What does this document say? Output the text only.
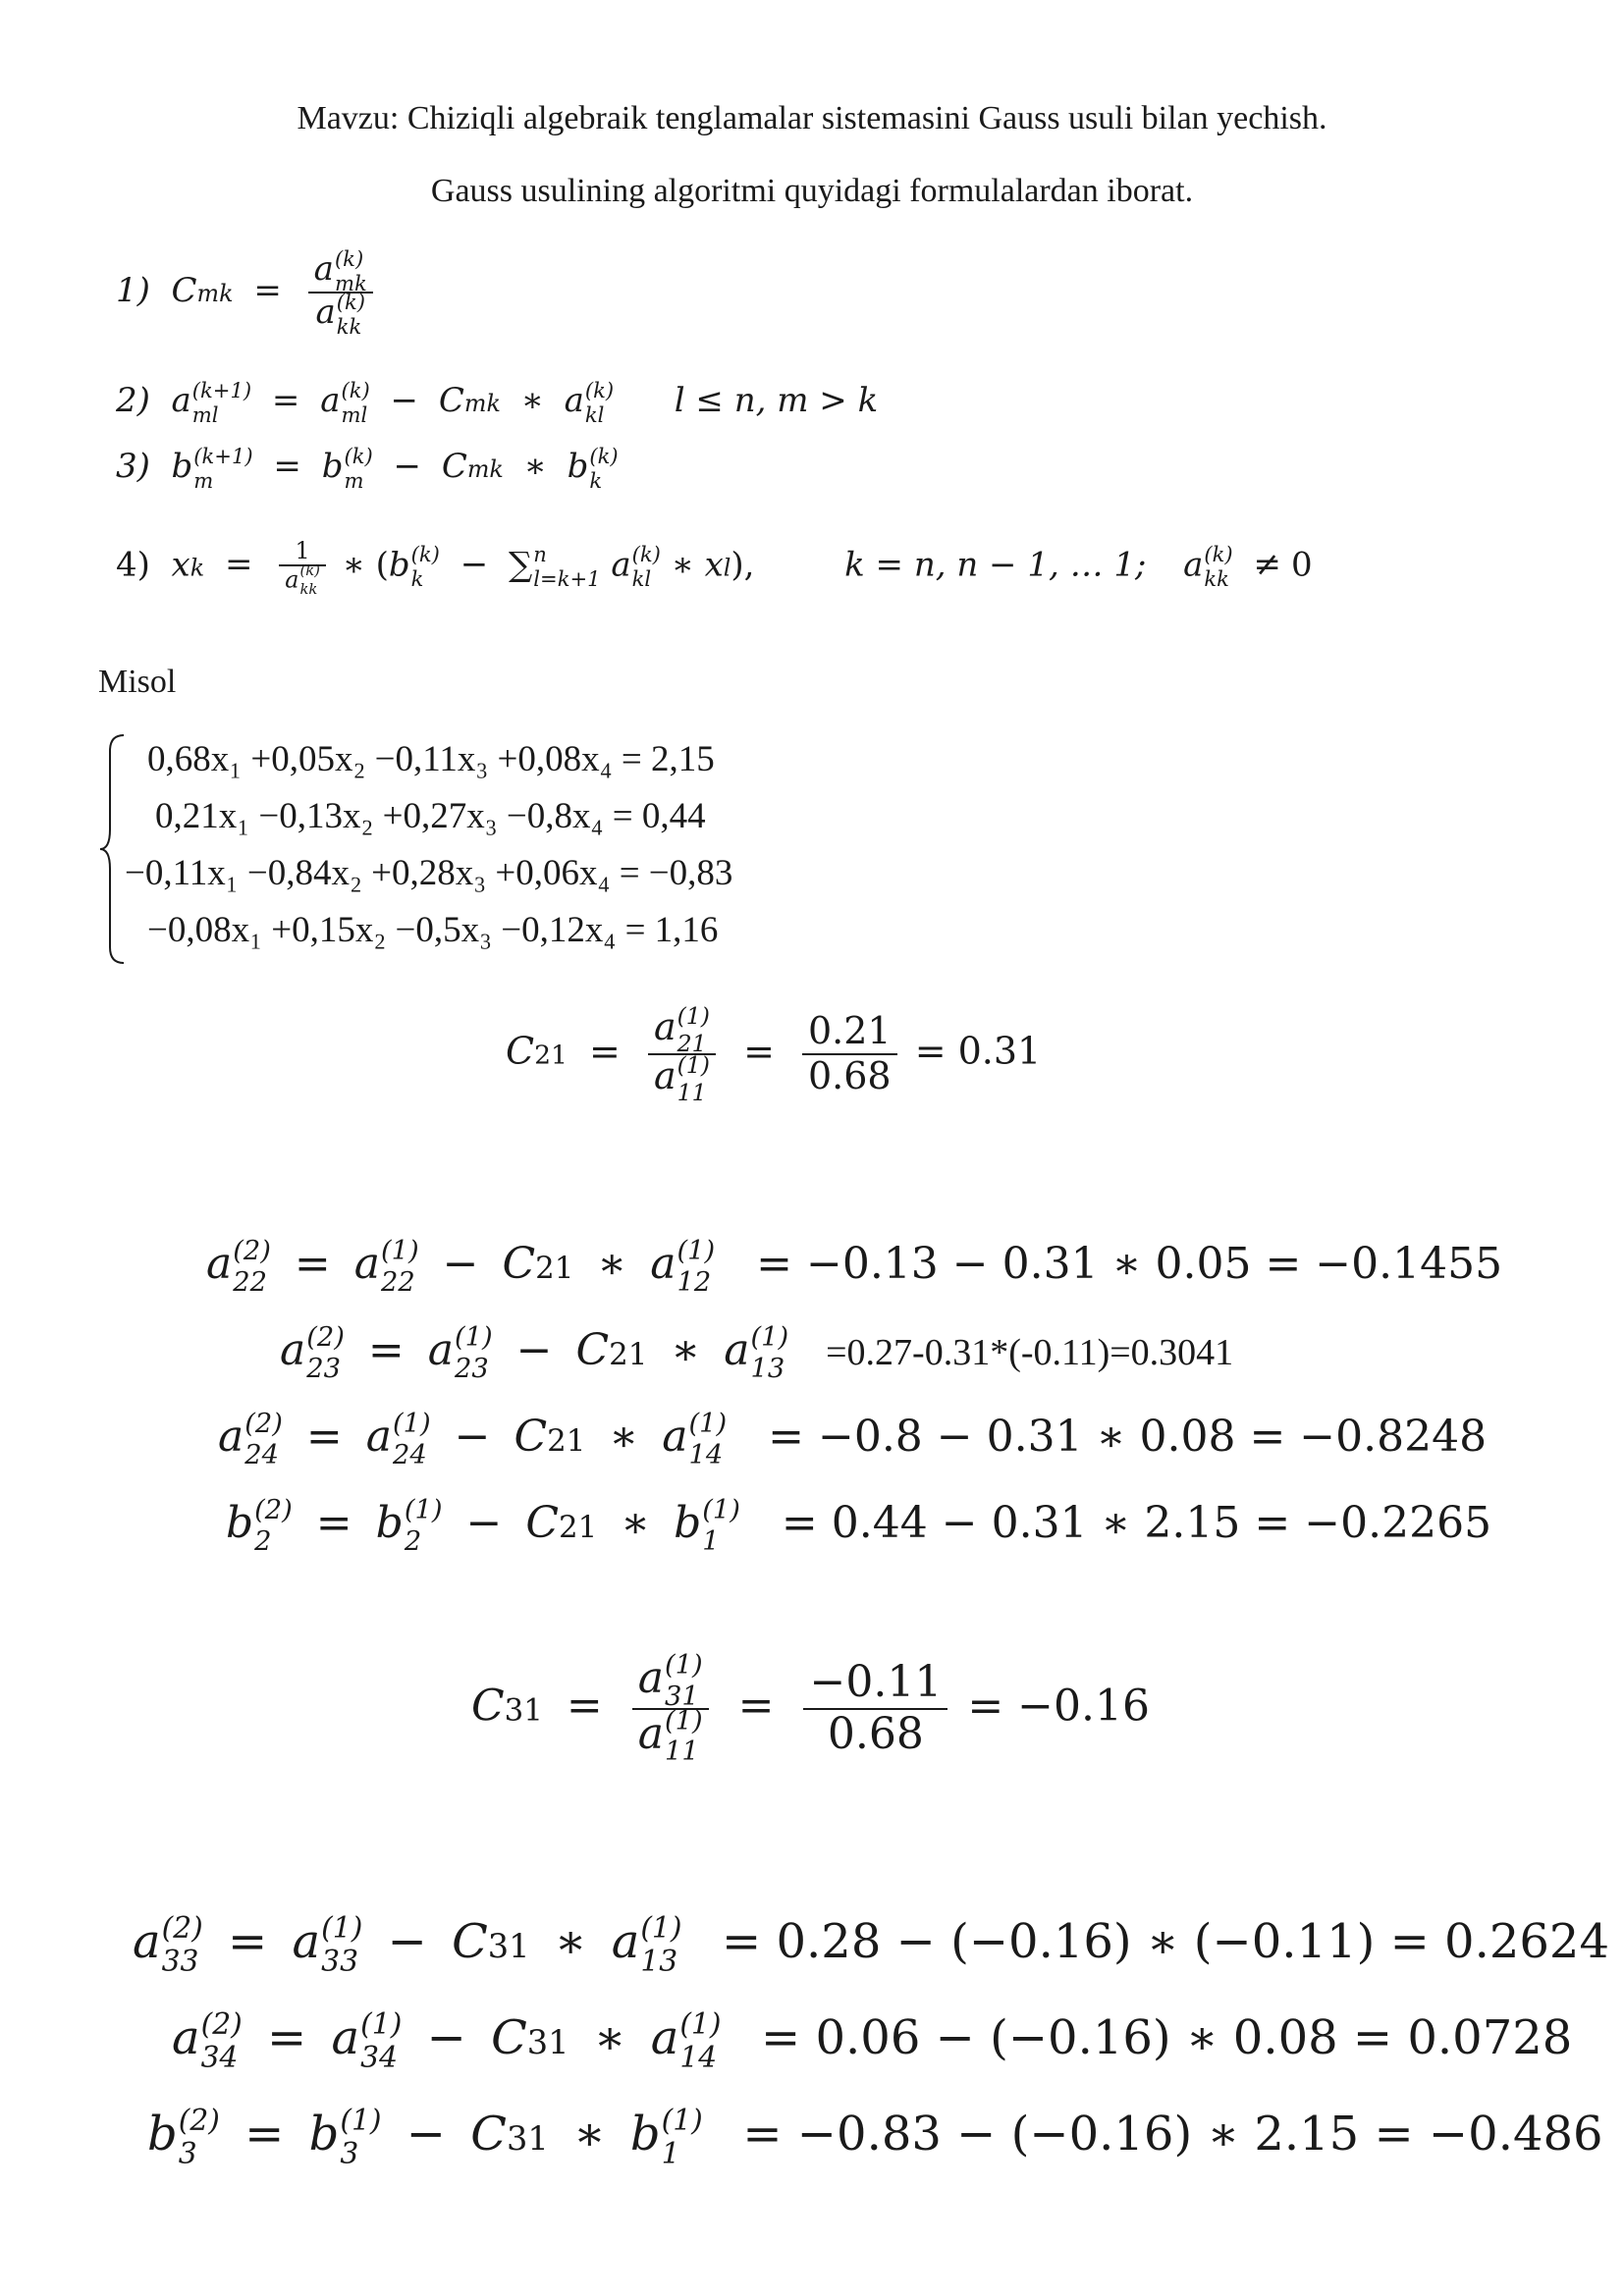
Mavzu: Chiziqli algebraik tenglamalar sistemasini Gauss usuli bilan yechish.
Gauss usulining algoritmi quyidagi formulalardan iborat.
1)  Cmk = a (k)
mk
a (k)
kk
2)  a (k+1)
ml	= a (k)
ml − Cmk ∗ a (k)
kl l ≤ n, m > k
3)  b (k+1)
m	= b (k)
m − Cmk ∗ b (k)
k
4)  xk = 1
a (k)
kk ∗ (b (k)
k	− ∑ n
l=k+1 a (k)
kl ∗ xl),	k = n, n − 1, … 1; a (k)
kk ≠ 0
Misol
0,68x₁ +0,05x₂ −0,11x₃ +0,08x₄ = 2,15
0,21x₁ −0,13x₂ +0,27x₃ −0,8x₄ = 0,44
−0,11x₁ −0,84x₂ +0,28x₃ +0,06x₄ = −0,83
−0,08x₁ +0,15x₂ −0,5x₃ −0,12x₄ = 1,16
C21 = a (1)
21
a (1)
$11 = \frac{0.21}{0.68} = 0.31$
a (2)
22 = a (1)
22 − C21 ∗ a (1)
12 = −0.13 − 0.31 ∗ 0.05 = −0.1455
a (2)
23 = a (1)
23 − C21 ∗ a (1)
13 =0.27-0.31*(-0.11)=0.3041
a (2)
24 = a (1)
24 − C21 ∗ a (1)
14 = −0.8 − 0.31 ∗ 0.08 = −0.8248
b (2)
2	= b (1)
2	− C21 ∗ b (1)
1	= 0.44 − 0.31 ∗ 2.15 = −0.2265
C31 = a (1)
31
a (1)
$11 = \frac{-0.11}{0.68} = -0.16$
a (2)
33 = a (1)
33 − C31 ∗ a (1)
13 = 0.28 − (−0.16) ∗ (−0.11) = 0.2624
a (2)
34 = a (1)
34 − C31 ∗ a (1)
14 = 0.06 − (−0.16) ∗ 0.08 = 0.0728
b (2)
3	= b (1)
3	− C31 ∗ b (1)
1	= −0.83 − (−0.16) ∗ 2.15 = −0.486
